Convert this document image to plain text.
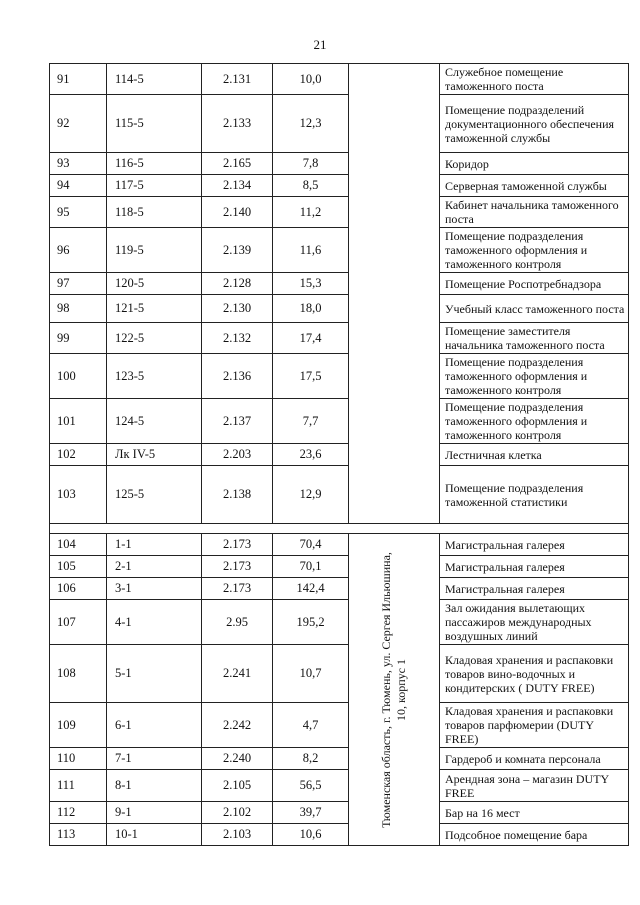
21
91	114-5	2.131	10,0		Служебное помещение таможенного поста
92	115-5	2.133	12,3		Помещение подразделений документационного обеспечения таможенной службы
93	116-5	2.165	7,8		Коридор
94	117-5	2.134	8,5		Серверная таможенной службы
95	118-5	2.140	11,2		Кабинет начальника таможенного поста
96	119-5	2.139	11,6		Помещение подразделения таможенного оформления и таможенного контроля
97	120-5	2.128	15,3		Помещение Роспотребнадзора
98	121-5	2.130	18,0		Учебный класс таможенного поста
99	122-5	2.132	17,4		Помещение заместителя начальника таможенного поста
100	123-5	2.136	17,5		Помещение подразделения таможенного оформления и таможенного контроля
101	124-5	2.137	7,7		Помещение подразделения таможенного оформления и таможенного контроля
102	Лк IV-5	2.203	23,6		Лестничная клетка
103	125-5	2.138	12,9		Помещение подразделения таможенной статистики

104	1-1	2.173	70,4	Тюменская область, г. Тюмень, ул. Сергея Ильюшина, 10, корпус 1	Магистральная галерея
105	2-1	2.173	70,1		Магистральная галерея
106	3-1	2.173	142,4		Магистральная галерея
107	4-1	2.95	195,2		Зал ожидания вылетающих пассажиров международных воздушных линий
108	5-1	2.241	10,7		Кладовая хранения и распаковки товаров вино-водочных и кондитерских ( DUTY FREE)
109	6-1	2.242	4,7		Кладовая хранения и распаковки товаров парфюмерии (DUTY FREE)
110	7-1	2.240	8,2		Гардероб и комната персонала
111	8-1	2.105	56,5		Арендная зона – магазин DUTY FREE
112	9-1	2.102	39,7		Бар на 16 мест
113	10-1	2.103	10,6		Подсобное помещение бара
